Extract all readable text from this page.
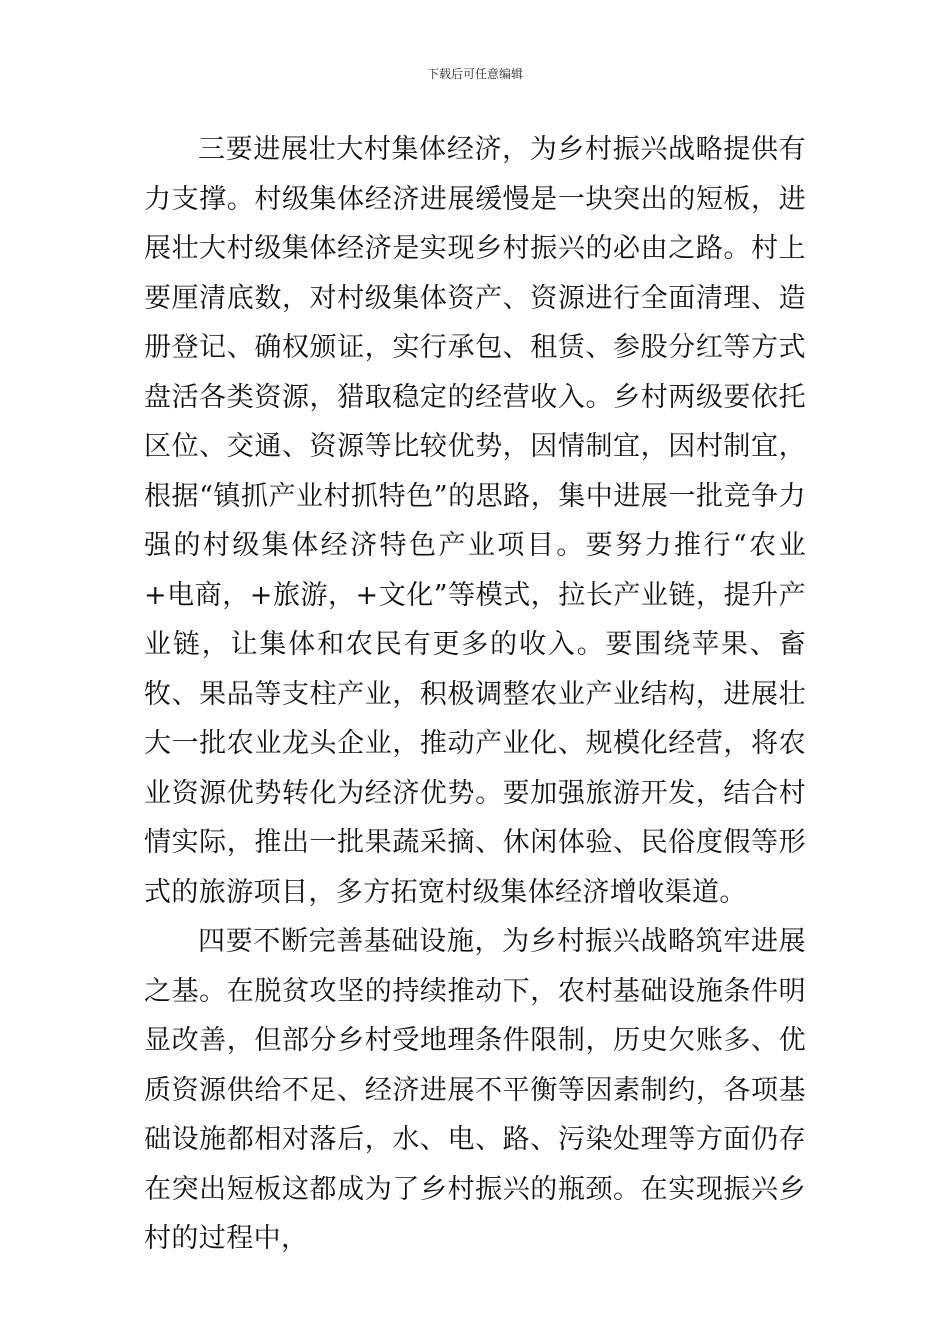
下载后可任意编辑

三要进展壮大村集体经济，为乡村振兴战略提供有力支撑。村级集体经济进展缓慢是一块突出的短板，进展壮大村级集体经济是实现乡村振兴的必由之路。村上要厘清底数，对村级集体资产、资源进行全面清理、造册登记、确权颁证，实行承包、租赁、参股分红等方式盘活各类资源，猎取稳定的经营收入。乡村两级要依托区位、交通、资源等比较优势，因情制宜，因村制宜，根据“镇抓产业村抓特色”的思路，集中进展一批竞争力强的村级集体经济特色产业项目。要努力推行“农业+电商，+旅游，+文化”等模式，拉长产业链，提升产业链，让集体和农民有更多的收入。要围绕苹果、畜牧、果品等支柱产业，积极调整农业产业结构，进展壮大一批农业龙头企业，推动产业化、规模化经营，将农业资源优势转化为经济优势。要加强旅游开发，结合村情实际，推出一批果蔬采摘、休闲体验、民俗度假等形式的旅游项目，多方拓宽村级集体经济增收渠道。

四要不断完善基础设施，为乡村振兴战略筑牢进展之基。在脱贫攻坚的持续推动下，农村基础设施条件明显改善，但部分乡村受地理条件限制，历史欠账多、优质资源供给不足、经济进展不平衡等因素制约，各项基础设施都相对落后，水、电、路、污染处理等方面仍存在突出短板这都成为了乡村振兴的瓶颈。在实现振兴乡村的过程中，
